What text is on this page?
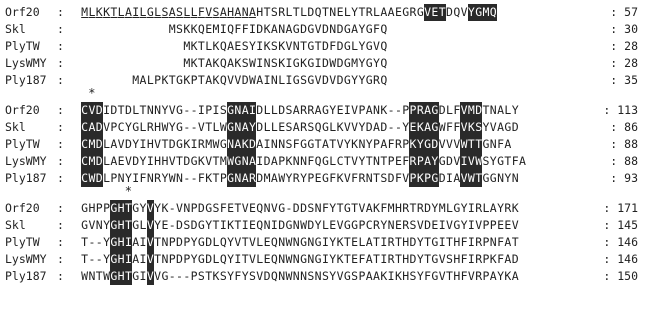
Orf20 : MLKKTLAILGLSASLLFVSAHANAHTSRLTLDQTNELYTRLAAEGRGVETDQVYGMQ	: 57
Skl	:	MSKKQEMIQFFIDKANAGDGVDNDGAYGFQ	: 30
PlyTW :	MKTLKQAESYIKSKVNTGTDFDGLYGVQ	: 28
LysWMY :	MKTAKQAKSWINSKIGKGIDWDGMYGYQ	: 28
Ply187 :	MALPKTGKPTAKQVVDWAINLIGSGVDVDGYYGRQ	: 35
*
Orf20 : CVDIDTDLTNNYVG--IPISGNAIDLLDSARRAGYEIVPANK--PPRAGDLFVMDTNALY	: 113
Skl	: CADVPCYGLRHWYG--VTLWGNAYDLLESARSQGLKVVYDAD--YEKAGWFFVKSYVAGD	: 86
PlyTW : CMDLAVDYIHVTDGKIRMWGNAKDAINNSFGGTATVYKNYPAFRPKYGDVVVWTTGNFA	: 88
LysWMY : CMDLAEVDYIHHVTDGKVTMWGNAIDAPKNNFQGLCTVYTNTPEFRPAYGDVIVWSYGTFA	: 88
Ply187 : CWDLPNYIFNRYWN--FKTPGNARDMAWYRYPEGFKVFRNTSDFVPKPGDIAVWTGGNYN	: 93
*
Orf20 : GHPPGHTGYVYK-VNPDGSFETVEQNVG-DDSNFYTGTVAKFMHRTRDYMLGYIRLAYRK	: 171
Skl	: GVNYGHTGLVYE-DSDGYTIKTIEQNIDGNWDYLEVGGPCRYNERSVDEIVGYIVPPEEV	: 145
PlyTW : T--YGHIAIVTNPDPYGDLQYVTVLEQNWNGNGIYKTELATIRTHDYTGITHFIRPNFAT	: 146
LysWMY : T--YGHIAIVTNPDPYGDLQYITVLEQNWNGNGIYKTEFATIRTHDYTGVSHFIRPKFAD	: 146
Ply187 : WNTWGHTGIVVG---PSTKSYFYSVDQNWNNSNSYVGSPAAKIKHSYFGVTHFVRPAYKA	: 150
